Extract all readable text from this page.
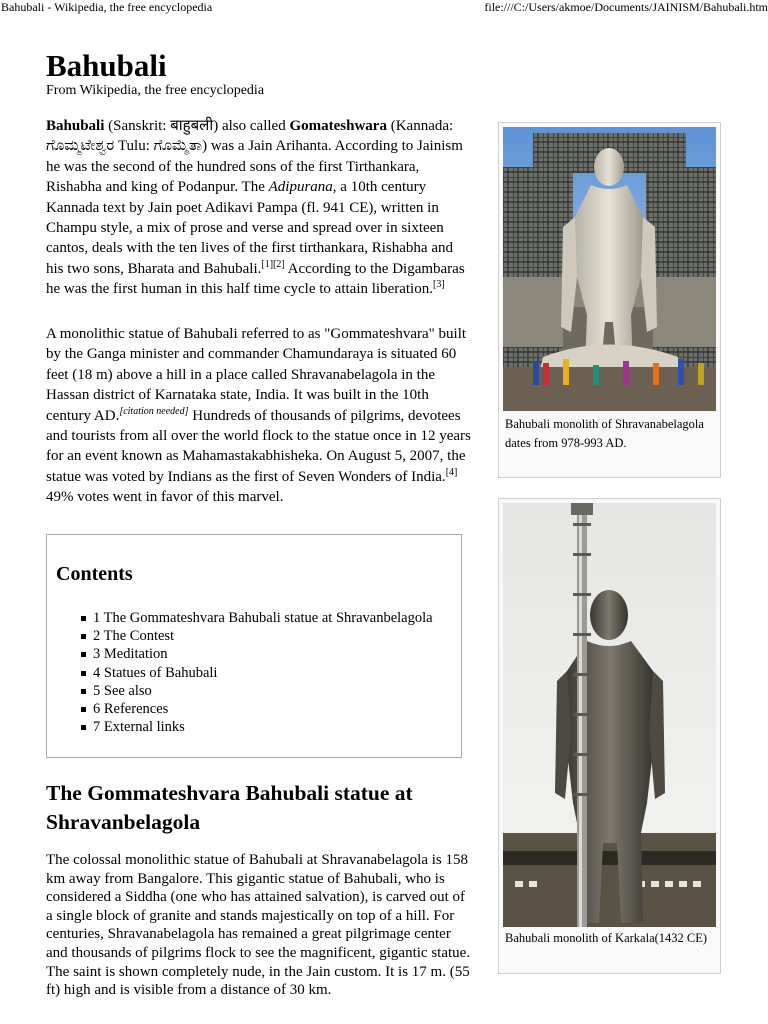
Bahubali - Wikipedia, the free encyclopedia	file:///C:/Users/akmoe/Documents/JAINISM/Bahubali.htm
Bahubali
From Wikipedia, the free encyclopedia

Bahubali (Sanskrit: बाहुबली) also called Gomateshwara (Kannada: ಗೊಮ್ಮಟೇಶ್ವರ Tulu: ಗೊಮ್ಮೆತಾ) was a Jain Arihanta. According to Jainism he was the second of the hundred sons of the first Tirthankara, Rishabha and king of Podanpur. The Adipurana, a 10th century Kannada text by Jain poet Adikavi Pampa (fl. 941 CE), written in Champu style, a mix of prose and verse and spread over in sixteen cantos, deals with the ten lives of the first tirthankara, Rishabha and his two sons, Bharata and Bahubali.[1][2] According to the Digambaras he was the first human in this half time cycle to attain liberation.[3]

A monolithic statue of Bahubali referred to as "Gommateshvara" built by the Ganga minister and commander Chamundaraya is situated 60 feet (18 m) above a hill in a place called Shravanabelagola in the Hassan district of Karnataka state, India. It was built in the 10th century AD.[citation needed] Hundreds of thousands of pilgrims, devotees and tourists from all over the world flock to the statue once in 12 years for an event known as Mahamastakabhisheka. On August 5, 2007, the statue was voted by Indians as the first of Seven Wonders of India.[4] 49% votes went in favor of this marvel.

Contents
1 The Gommateshvara Bahubali statue at Shravanbelagola
2 The Contest
3 Meditation
4 Statues of Bahubali
5 See also
6 References
7 External links
The Gommateshvara Bahubali statue at Shravanbelagola

The colossal monolithic statue of Bahubali at Shravanabelagola is 158 km away from Bangalore. This gigantic statue of Bahubali, who is considered a Siddha (one who has attained salvation), is carved out of a single block of granite and stands majestically on top of a hill. For centuries, Shravanabelagola has remained a great pilgrimage center and thousands of pilgrims flock to see the magnificent, gigantic statue. The saint is shown completely nude, in the Jain custom. It is 17 m. (55 ft) high and is visible from a distance of 30 km.

Bahubali monolith of Shravanabelagola dates from 978-993 AD.
Bahubali monolith of Karkala(1432 CE)
